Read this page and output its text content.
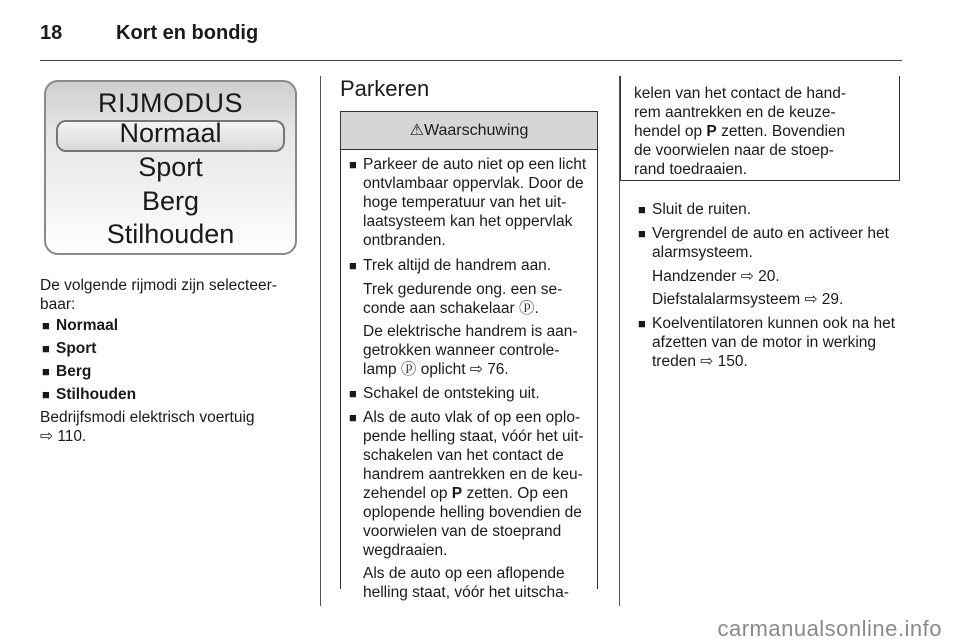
18	Kort en bondig
RIJMODUS
Normaal
Sport
Berg
Stilhouden
De volgende rijmodi zijn selecteer-
baar:
■ Normaal
■ Sport
■ Berg
■ Stilhouden
Bedrijfsmodi elektrisch voertuig
⇨ 110.
Parkeren
⚠Waarschuwing
■ Parkeer de auto niet op een licht
ontvlambaar oppervlak. Door de
hoge temperatuur van het uit-
laatsysteem kan het oppervlak
ontbranden.
■ Trek altijd de handrem aan.
Trek gedurende ong. een se-
conde aan schakelaar ⓟ.
De elektrische handrem is aan-
getrokken wanneer controle-
lamp ⓟ oplicht ⇨ 76.
■ Schakel de ontsteking uit.
■ Als de auto vlak of op een oplo-
pende helling staat, vóór het uit-
schakelen van het contact de
handrem aantrekken en de keu-
zehendel op P zetten. Op een
oplopende helling bovendien de
voorwielen van de stoeprand
wegdraaien.
Als de auto op een aflopende
helling staat, vóór het uitscha-
kelen van het contact de hand-
rem aantrekken en de keuze-
hendel op P zetten. Bovendien
de voorwielen naar de stoep-
rand toedraaien.
■ Sluit de ruiten.
■ Vergrendel de auto en activeer het
alarmsysteem.
Handzender ⇨ 20.
Diefstalalarmsysteem ⇨ 29.
■ Koelventilatoren kunnen ook na het
afzetten van de motor in werking
treden ⇨ 150.
carmanualsonline.info
